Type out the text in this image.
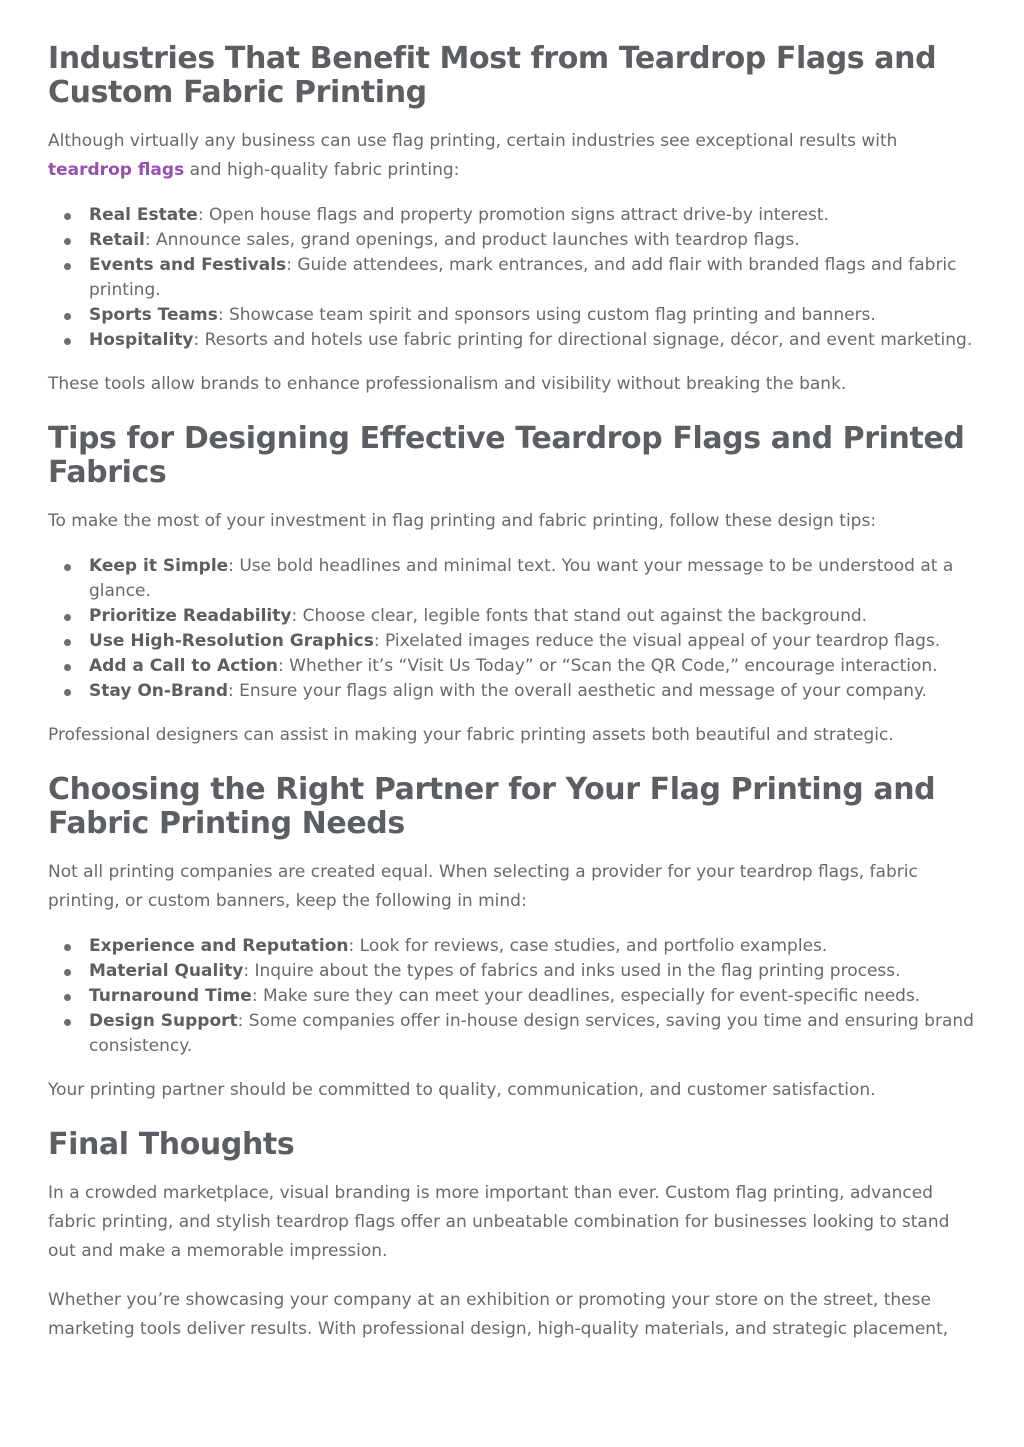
Industries That Benefit Most from Teardrop Flags and Custom Fabric Printing

Although virtually any business can use flag printing, certain industries see exceptional results with teardrop flags and high-quality fabric printing:

Real Estate: Open house flags and property promotion signs attract drive-by interest.
Retail: Announce sales, grand openings, and product launches with teardrop flags.
Events and Festivals: Guide attendees, mark entrances, and add flair with branded flags and fabric printing.
Sports Teams: Showcase team spirit and sponsors using custom flag printing and banners.
Hospitality: Resorts and hotels use fabric printing for directional signage, décor, and event marketing.

These tools allow brands to enhance professionalism and visibility without breaking the bank.

Tips for Designing Effective Teardrop Flags and Printed Fabrics

To make the most of your investment in flag printing and fabric printing, follow these design tips:

Keep it Simple: Use bold headlines and minimal text. You want your message to be understood at a glance.
Prioritize Readability: Choose clear, legible fonts that stand out against the background.
Use High-Resolution Graphics: Pixelated images reduce the visual appeal of your teardrop flags.
Add a Call to Action: Whether it’s “Visit Us Today” or “Scan the QR Code,” encourage interaction.
Stay On-Brand: Ensure your flags align with the overall aesthetic and message of your company.

Professional designers can assist in making your fabric printing assets both beautiful and strategic.

Choosing the Right Partner for Your Flag Printing and Fabric Printing Needs

Not all printing companies are created equal. When selecting a provider for your teardrop flags, fabric printing, or custom banners, keep the following in mind:

Experience and Reputation: Look for reviews, case studies, and portfolio examples.
Material Quality: Inquire about the types of fabrics and inks used in the flag printing process.
Turnaround Time: Make sure they can meet your deadlines, especially for event-specific needs.
Design Support: Some companies offer in-house design services, saving you time and ensuring brand consistency.

Your printing partner should be committed to quality, communication, and customer satisfaction.

Final Thoughts

In a crowded marketplace, visual branding is more important than ever. Custom flag printing, advanced fabric printing, and stylish teardrop flags offer an unbeatable combination for businesses looking to stand out and make a memorable impression.

Whether you’re showcasing your company at an exhibition or promoting your store on the street, these marketing tools deliver results. With professional design, high-quality materials, and strategic placement,
